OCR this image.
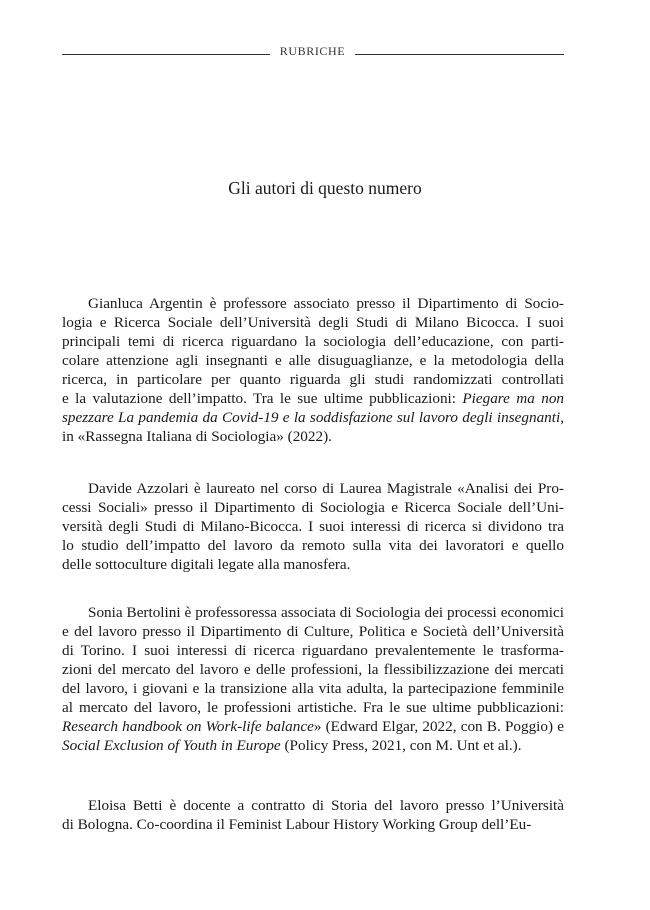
RUBRICHE
Gli autori di questo numero
Gianluca Argentin è professore associato presso il Dipartimento di Socio-
logia e Ricerca Sociale dell’Università degli Studi di Milano Bicocca. I suoi
principali temi di ricerca riguardano la sociologia dell’educazione, con parti-
colare attenzione agli insegnanti e alle disuguaglianze, e la metodologia della
ricerca, in particolare per quanto riguarda gli studi randomizzati controllati
e la valutazione dell’impatto. Tra le sue ultime pubblicazioni: Piegare ma non
spezzare La pandemia da Covid-19 e la soddisfazione sul lavoro degli insegnanti,
in «Rassegna Italiana di Sociologia» (2022).
Davide Azzolari è laureato nel corso di Laurea Magistrale «Analisi dei Pro-
cessi Sociali» presso il Dipartimento di Sociologia e Ricerca Sociale dell’Uni-
versità degli Studi di Milano-Bicocca. I suoi interessi di ricerca si dividono tra
lo studio dell’impatto del lavoro da remoto sulla vita dei lavoratori e quello
delle sottoculture digitali legate alla manosfera.
Sonia Bertolini è professoressa associata di Sociologia dei processi economici
e del lavoro presso il Dipartimento di Culture, Politica e Società dell’Università
di Torino. I suoi interessi di ricerca riguardano prevalentemente le trasforma-
zioni del mercato del lavoro e delle professioni, la flessibilizzazione dei mercati
del lavoro, i giovani e la transizione alla vita adulta, la partecipazione femminile
al mercato del lavoro, le professioni artistiche. Fra le sue ultime pubblicazioni:
Research handbook on Work-life balance» (Edward Elgar, 2022, con B. Poggio) e
Social Exclusion of Youth in Europe (Policy Press, 2021, con M. Unt et al.).
Eloisa Betti è docente a contratto di Storia del lavoro presso l’Università
di Bologna. Co-coordina il Feminist Labour History Working Group dell’Eu-
